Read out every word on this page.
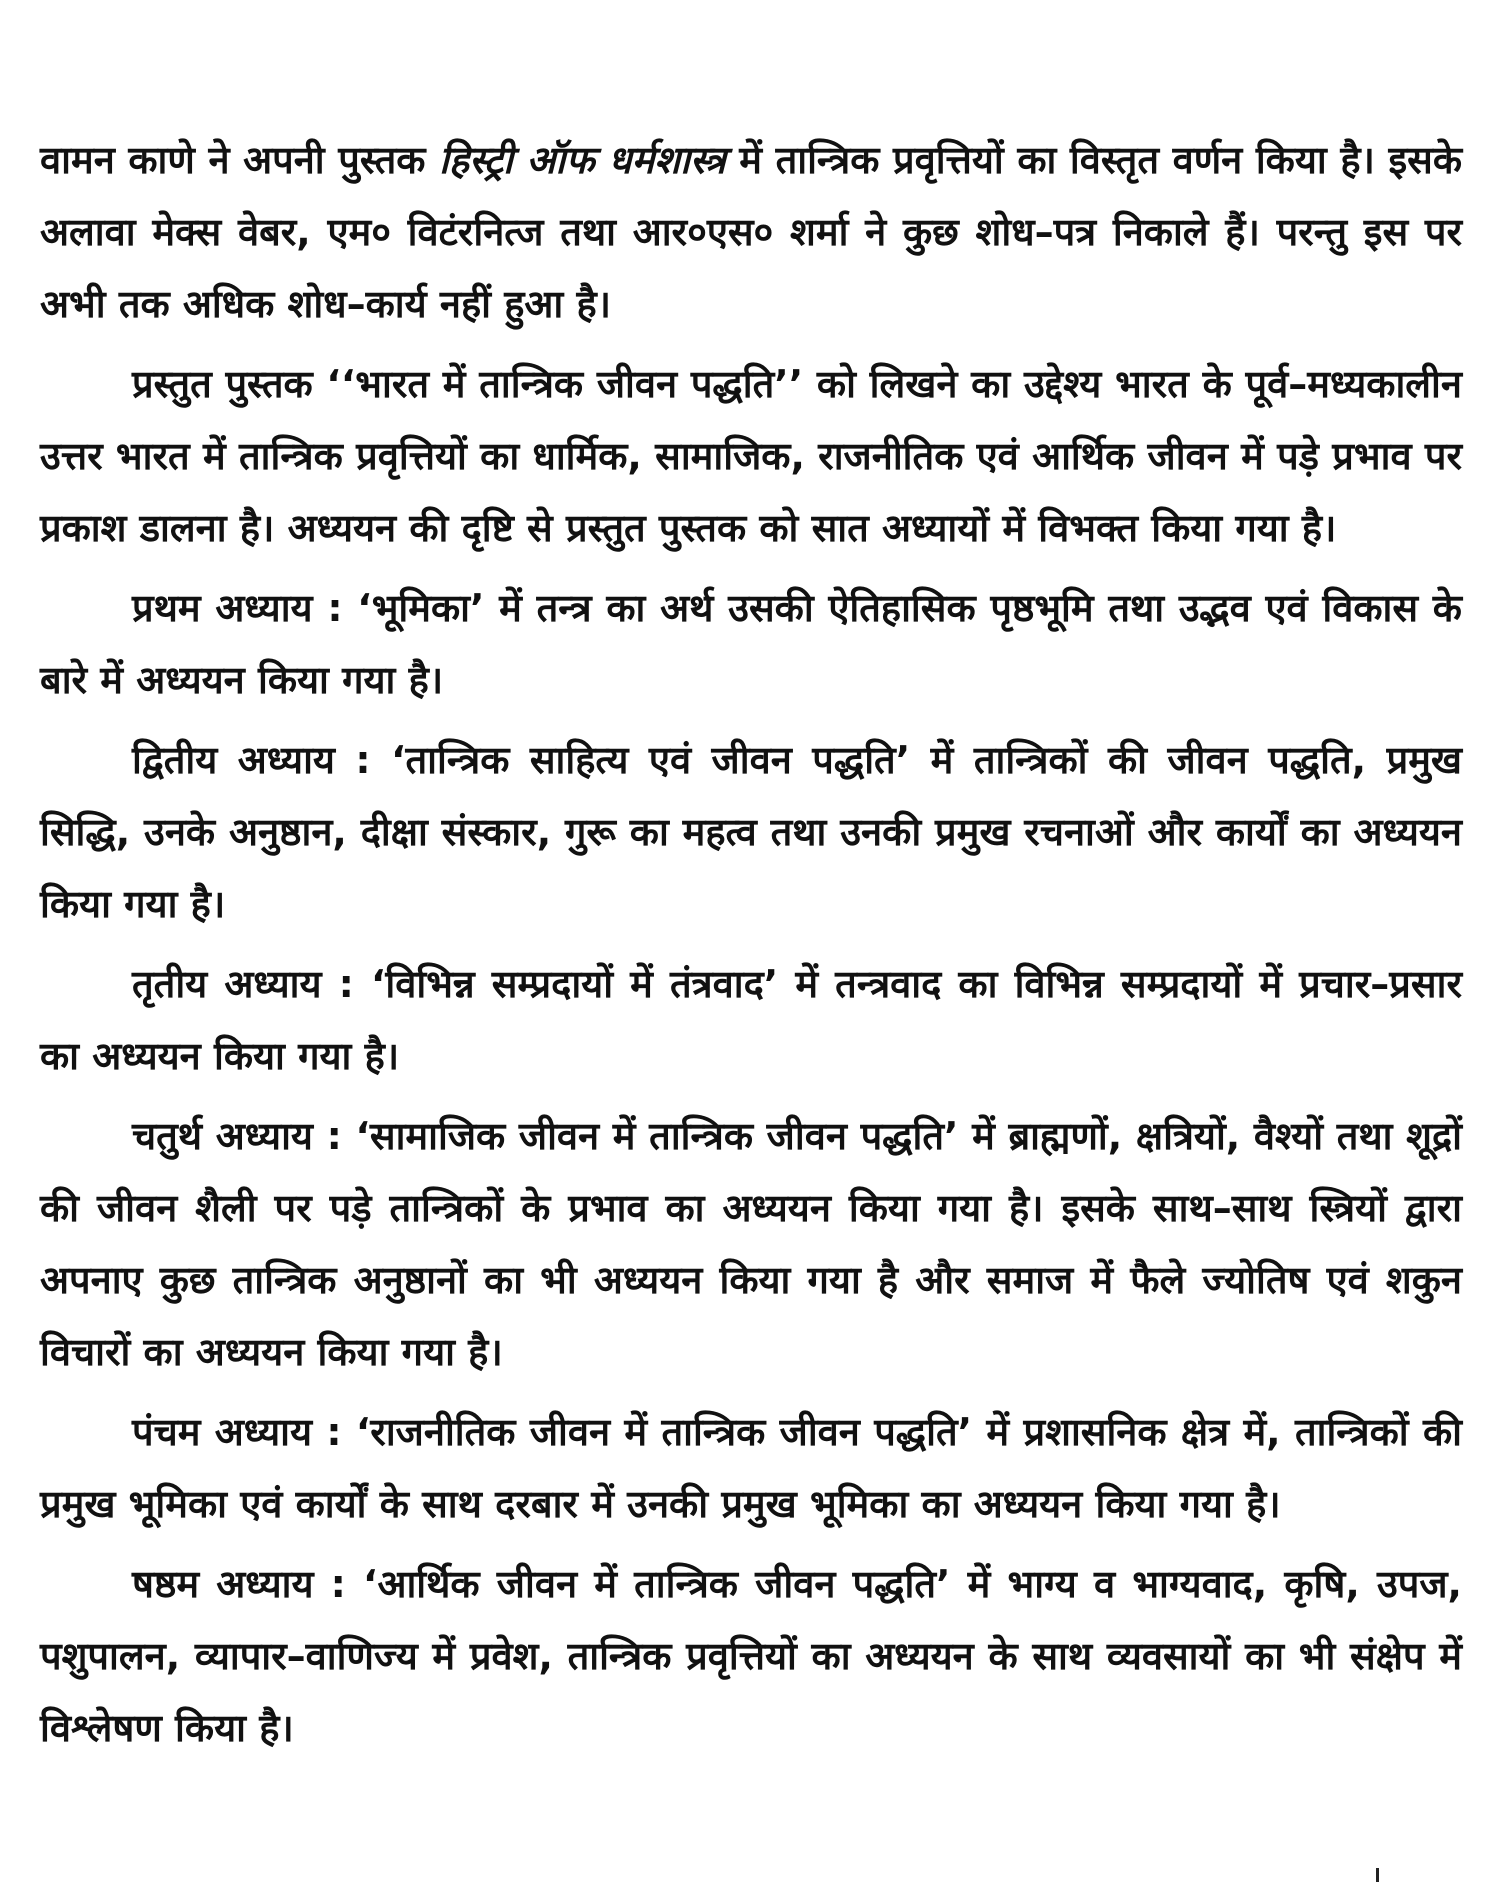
वामन काणे ने अपनी पुस्तक हिस्ट्री ऑफ धर्मशास्त्र में तान्त्रिक प्रवृत्तियों का विस्तृत वर्णन किया है। इसके अलावा मेक्स वेबर, एम० विटंरनित्ज तथा आर०एस० शर्मा ने कुछ शोध–पत्र निकाले हैं। परन्तु इस पर अभी तक अधिक शोध–कार्य नहीं हुआ है।

प्रस्तुत पुस्तक ‘‘भारत में तान्त्रिक जीवन पद्धति’’ को लिखने का उद्देश्य भारत के पूर्व–मध्यकालीन उत्तर भारत में तान्त्रिक प्रवृत्तियों का धार्मिक, सामाजिक, राजनीतिक एवं आर्थिक जीवन में पड़े प्रभाव पर प्रकाश डालना है। अध्ययन की दृष्टि से प्रस्तुत पुस्तक को सात अध्यायों में विभक्त किया गया है।

प्रथम अध्याय : ‘भूमिका’ में तन्त्र का अर्थ उसकी ऐतिहासिक पृष्ठभूमि तथा उद्भव एवं विकास के बारे में अध्ययन किया गया है।

द्वितीय अध्याय : ‘तान्त्रिक साहित्य एवं जीवन पद्धति’ में तान्त्रिकों की जीवन पद्धति, प्रमुख सिद्धि, उनके अनुष्ठान, दीक्षा संस्कार, गुरू का महत्व तथा उनकी प्रमुख रचनाओं और कार्यों का अध्ययन किया गया है।

तृतीय अध्याय : ‘विभिन्न सम्प्रदायों में तंत्रवाद’ में तन्त्रवाद का विभिन्न सम्प्रदायों में प्रचार–प्रसार का अध्ययन किया गया है।

चतुर्थ अध्याय : ‘सामाजिक जीवन में तान्त्रिक जीवन पद्धति’ में ब्राह्मणों, क्षत्रियों, वैश्यों तथा शूद्रों की जीवन शैली पर पड़े तान्त्रिकों के प्रभाव का अध्ययन किया गया है। इसके साथ–साथ स्त्रियों द्वारा अपनाए कुछ तान्त्रिक अनुष्ठानों का भी अध्ययन किया गया है और समाज में फैले ज्योतिष एवं शकुन विचारों का अध्ययन किया गया है।

पंचम अध्याय : ‘राजनीतिक जीवन में तान्त्रिक जीवन पद्धति’ में प्रशासनिक क्षेत्र में, तान्त्रिकों की प्रमुख भूमिका एवं कार्यों के साथ दरबार में उनकी प्रमुख भूमिका का अध्ययन किया गया है।

षष्ठम अध्याय : ‘आर्थिक जीवन में तान्त्रिक जीवन पद्धति’ में भाग्य व भाग्यवाद, कृषि, उपज, पशुपालन, व्यापार–वाणिज्य में प्रवेश, तान्त्रिक प्रवृत्तियों का अध्ययन के साथ व्यवसायों का भी संक्षेप में विश्लेषण किया है।
